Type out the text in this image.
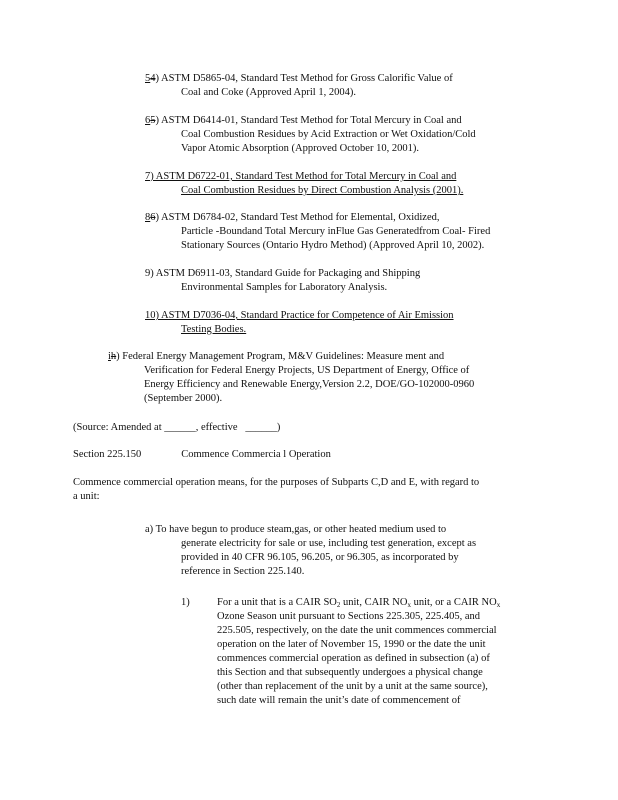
54) ASTM D5865-04, Standard Test Method for Gross Calorific Value of
Coal and Coke (Approved April 1, 2004).
65) ASTM D6414-01, Standard Test Method for Total Mercury in Coal and
Coal Combustion Residues by Acid Extraction or Wet Oxidation/Cold
Vapor Atomic Absorption (Approved October 10, 2001).
7) ASTM D6722-01, Standard Test Method for Total Mercury in Coal and
Coal Combustion Residues by Direct Combustion Analysis (2001).
86) ASTM D6784-02, Standard Test Method for Elemental, Oxidized,
Particle -Boundand Total Mercury inFlue Gas Generatedfrom Coal- Fired
Stationary Sources (Ontario Hydro Method) (Approved April 10, 2002).
9) ASTM D6911-03, Standard Guide for Packaging and Shipping
Environmental Samples for Laboratory Analysis.
10) ASTM D7036-04, Standard Practice for Competence of Air Emission
Testing Bodies.
ih) Federal Energy Management Program, M&V Guidelines: Measure ment and
Verification for Federal Energy Projects, US Department of Energy, Office of
Energy Efficiency and Renewable Energy,Version 2.2, DOE/GO-102000-0960
(September 2000).
(Source: Amended at ______, effective ______)
Section 225.150	Commence Commercia l Operation
Commence commercial operation means, for the purposes of Subparts C,D and E, with regard to
a unit:
a) To have begun to produce steam,gas, or other heated medium used to
generate electricity for sale or use, including test generation, except as
provided in 40 CFR 96.105, 96.205, or 96.305, as incorporated by
reference in Section 225.140.
1)	For a unit that is a CAIR $SO_2$ unit, CAIR $NO_x$ unit, or a CAIR $NO_x$
Ozone Season unit pursuant to Sections 225.305, 225.405, and
225.505, respectively, on the date the unit commences commercial
operation on the later of November 15, 1990 or the date the unit
commences commercial operation as defined in subsection (a) of
this Section and that subsequently undergoes a physical change
(other than replacement of the unit by a unit at the same source),
such date will remain the unit’s date of commencement of
